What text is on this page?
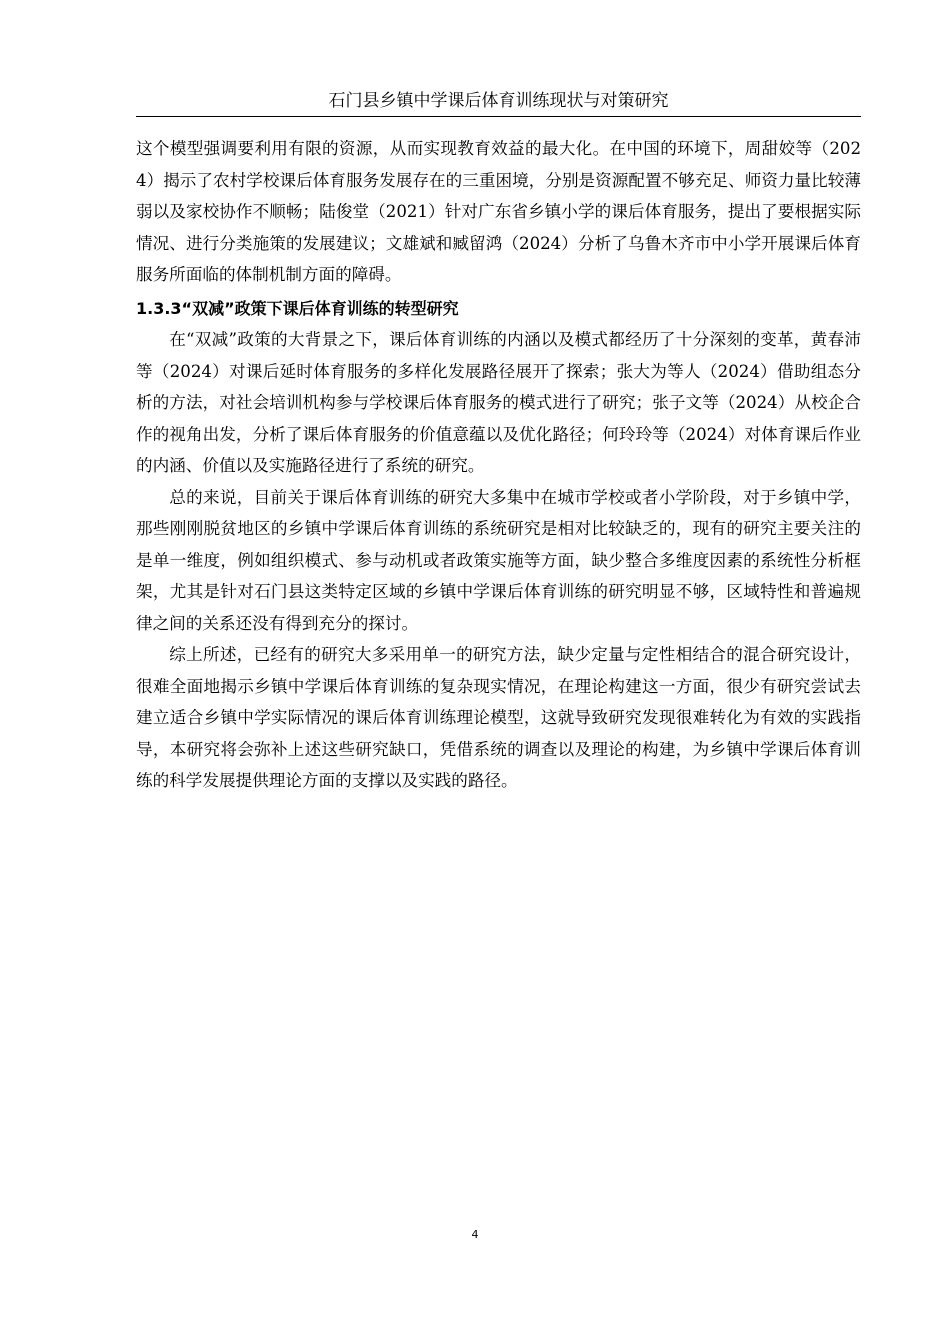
石门县乡镇中学课后体育训练现状与对策研究

这个模型强调要利用有限的资源，从而实现教育效益的最大化。在中国的环境下，周甜姣等（2024）揭示了农村学校课后体育服务发展存在的三重困境，分别是资源配置不够充足、师资力量比较薄弱以及家校协作不顺畅；陆俊堂（2021）针对广东省乡镇小学的课后体育服务，提出了要根据实际情况、进行分类施策的发展建议；文雄斌和臧留鸿（2024）分析了乌鲁木齐市中小学开展课后体育服务所面临的体制机制方面的障碍。

1.3.3“双减”政策下课后体育训练的转型研究

在“双减”政策的大背景之下，课后体育训练的内涵以及模式都经历了十分深刻的变革，黄春沛等（2024）对课后延时体育服务的多样化发展路径展开了探索；张大为等人（2024）借助组态分析的方法，对社会培训机构参与学校课后体育服务的模式进行了研究；张子文等（2024）从校企合作的视角出发，分析了课后体育服务的价值意蕴以及优化路径；何玲玲等（2024）对体育课后作业的内涵、价值以及实施路径进行了系统的研究。

总的来说，目前关于课后体育训练的研究大多集中在城市学校或者小学阶段，对于乡镇中学，那些刚刚脱贫地区的乡镇中学课后体育训练的系统研究是相对比较缺乏的，现有的研究主要关注的是单一维度，例如组织模式、参与动机或者政策实施等方面，缺少整合多维度因素的系统性分析框架，尤其是针对石门县这类特定区域的乡镇中学课后体育训练的研究明显不够，区域特性和普遍规律之间的关系还没有得到充分的探讨。

综上所述，已经有的研究大多采用单一的研究方法，缺少定量与定性相结合的混合研究设计，很难全面地揭示乡镇中学课后体育训练的复杂现实情况，在理论构建这一方面，很少有研究尝试去建立适合乡镇中学实际情况的课后体育训练理论模型，这就导致研究发现很难转化为有效的实践指导，本研究将会弥补上述这些研究缺口，凭借系统的调查以及理论的构建，为乡镇中学课后体育训练的科学发展提供理论方面的支撑以及实践的路径。

4
